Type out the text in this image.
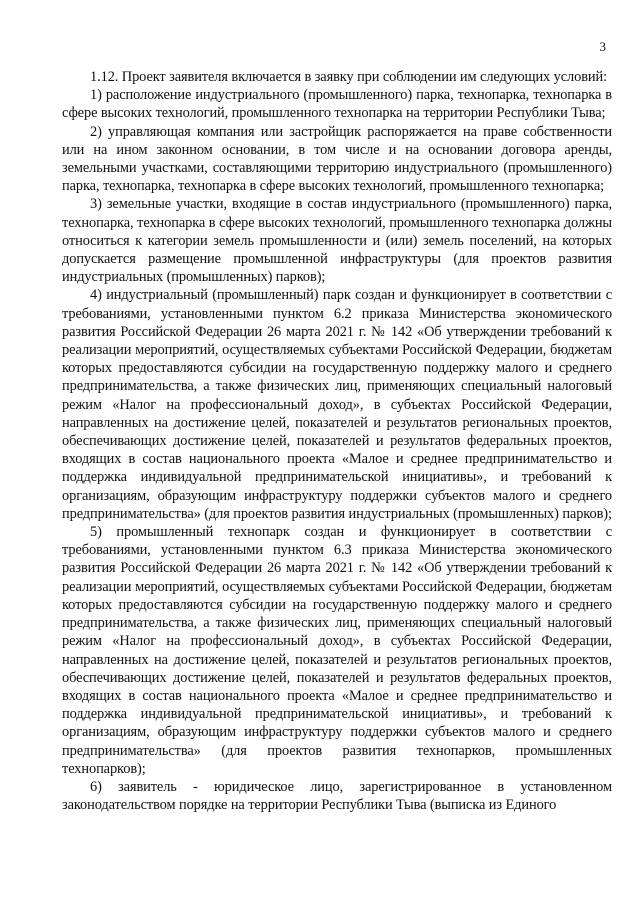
3

1.12. Проект заявителя включается в заявку при соблюдении им следующих условий:

1) расположение индустриального (промышленного) парка, технопарка, технопарка в сфере высоких технологий, промышленного технопарка на территории Республики Тыва;

2) управляющая компания или застройщик распоряжается на праве собственности или на ином законном основании, в том числе и на основании договора аренды, земельными участками, составляющими территорию индустриального (промышленного) парка, технопарка, технопарка в сфере высоких технологий, промышленного технопарка;

3) земельные участки, входящие в состав индустриального (промышленного) парка, технопарка, технопарка в сфере высоких технологий, промышленного технопарка должны относиться к категории земель промышленности и (или) земель поселений, на которых допускается размещение промышленной инфраструктуры (для проектов развития индустриальных (промышленных) парков);

4) индустриальный (промышленный) парк создан и функционирует в соответствии с требованиями, установленными пунктом 6.2 приказа Министерства экономического развития Российской Федерации 26 марта 2021 г. № 142 «Об утверждении требований к реализации мероприятий, осуществляемых субъектами Российской Федерации, бюджетам которых предоставляются субсидии на государственную поддержку малого и среднего предпринимательства, а также физических лиц, применяющих специальный налоговый режим «Налог на профессиональный доход», в субъектах Российской Федерации, направленных на достижение целей, показателей и результатов региональных проектов, обеспечивающих достижение целей, показателей и результатов федеральных проектов, входящих в состав национального проекта «Малое и среднее предпринимательство и поддержка индивидуальной предпринимательской инициативы», и требований к организациям, образующим инфраструктуру поддержки субъектов малого и среднего предпринимательства» (для проектов развития индустриальных (промышленных) парков);

5) промышленный технопарк создан и функционирует в соответствии с требованиями, установленными пунктом 6.3 приказа Министерства экономического развития Российской Федерации 26 марта 2021 г. № 142 «Об утверждении требований к реализации мероприятий, осуществляемых субъектами Российской Федерации, бюджетам которых предоставляются субсидии на государственную поддержку малого и среднего предпринимательства, а также физических лиц, применяющих специальный налоговый режим «Налог на профессиональный доход», в субъектах Российской Федерации, направленных на достижение целей, показателей и результатов региональных проектов, обеспечивающих достижение целей, показателей и результатов федеральных проектов, входящих в состав национального проекта «Малое и среднее предпринимательство и поддержка индивидуальной предпринимательской инициативы», и требований к организациям, образующим инфраструктуру поддержки субъектов малого и среднего предпринимательства» (для проектов развития технопарков, промышленных технопарков);

6) заявитель - юридическое лицо, зарегистрированное в установленном законодательством порядке на территории Республики Тыва (выписка из Единого
